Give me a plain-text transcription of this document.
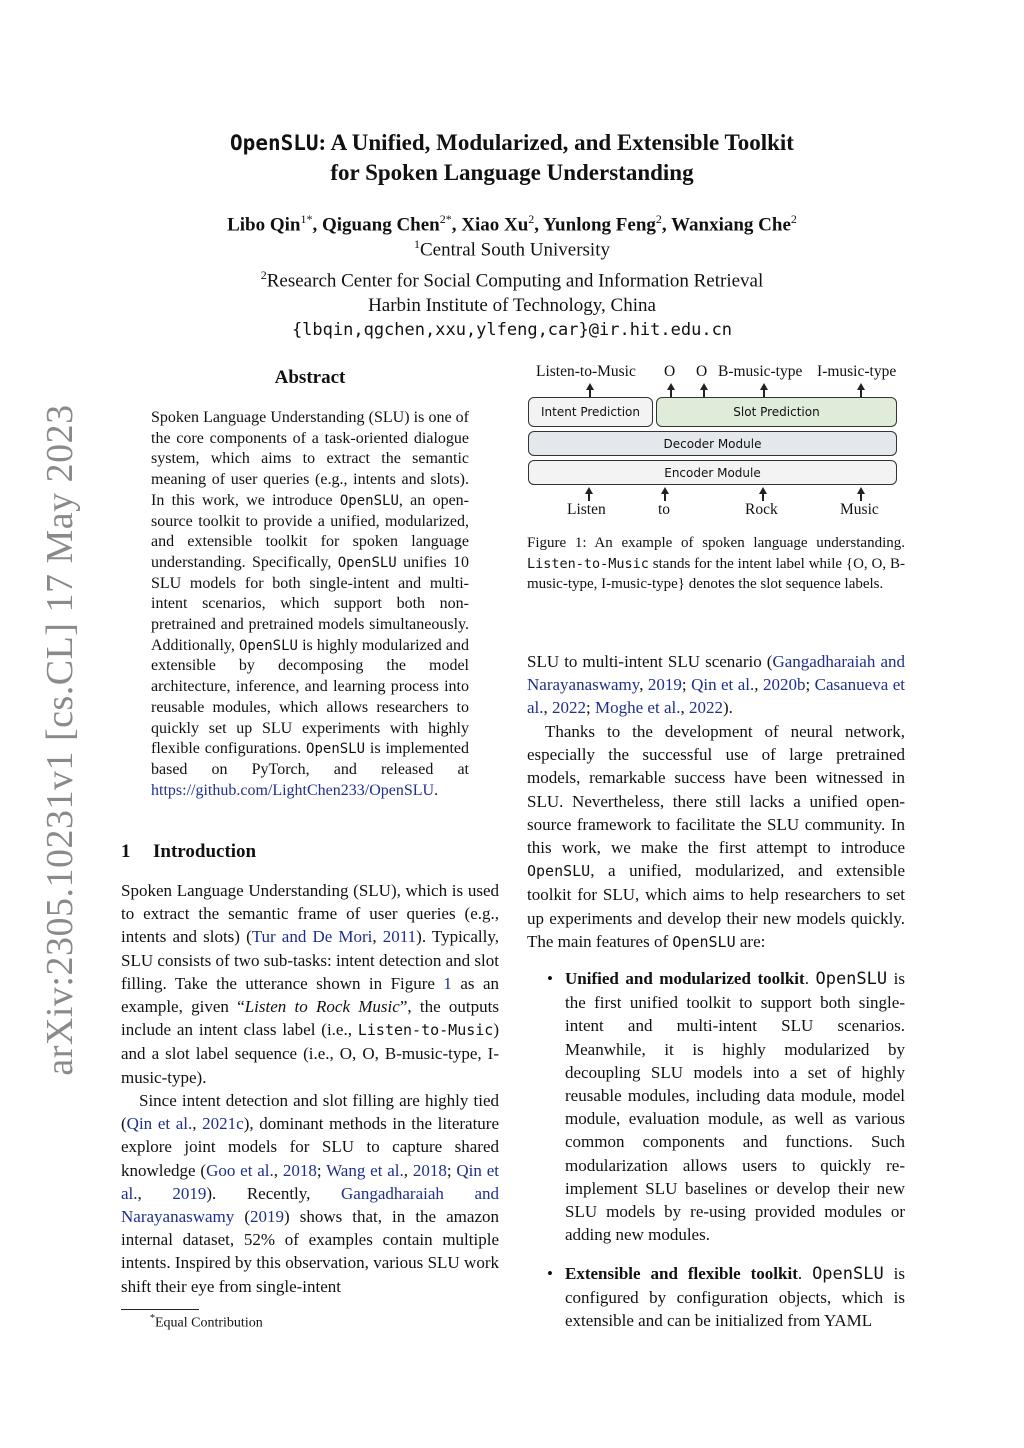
arXiv:2305.10231v1 [cs.CL] 17 May 2023
OpenSLU: A Unified, Modularized, and Extensible Toolkit
for Spoken Language Understanding
Libo Qin$^{1*}$, Qiguang Chen$^{2*}$, Xiao Xu$^2$, Yunlong Feng$^2$, Wanxiang Che$^2$
$^1$Central South University
$^2$Research Center for Social Computing and Information Retrieval
Harbin Institute of Technology, China
{lbqin,qgchen,xxu,ylfeng,car}@ir.hit.edu.cn
Abstract
Spoken Language Understanding (SLU) is one of the core components of a task-oriented dialogue system, which aims to extract the semantic meaning of user queries (e.g., intents and slots). In this work, we introduce OpenSLU, an open-source toolkit to provide a unified, modularized, and extensible toolkit for spoken language understanding. Specifically, OpenSLU unifies 10 SLU models for both single-intent and multi-intent scenarios, which support both non-pretrained and pretrained models simultaneously. Additionally, OpenSLU is highly modularized and extensible by decomposing the model architecture, inference, and learning process into reusable modules, which allows researchers to quickly set up SLU experiments with highly flexible configurations. OpenSLU is implemented based on PyTorch, and released at https://github.com/LightChen233/OpenSLU.
1 Introduction
Spoken Language Understanding (SLU), which is used to extract the semantic frame of user queries (e.g., intents and slots) (Tur and De Mori, 2011). Typically, SLU consists of two sub-tasks: intent detection and slot filling. Take the utterance shown in Figure 1 as an example, given “Listen to Rock Music”, the outputs include an intent class label (i.e., Listen-to-Music) and a slot label sequence (i.e., O, O, B-music-type, I-music-type).
Since intent detection and slot filling are highly tied (Qin et al., 2021c), dominant methods in the literature explore joint models for SLU to capture shared knowledge (Goo et al., 2018; Wang et al., 2018; Qin et al., 2019). Recently, Gangadharaiah and Narayanaswamy (2019) shows that, in the amazon internal dataset, 52% of examples contain multiple intents. Inspired by this observation, various SLU work shift their eye from single-intent
*Equal Contribution
Listen-to-Music O O B-music-type I-music-type
Intent Prediction	Slot Prediction
Decoder Module
Encoder Module
Listen	to	Rock	Music
Figure 1: An example of spoken language understanding. Listen-to-Music stands for the intent label while {O, O, B-music-type, I-music-type} denotes the slot sequence labels.
SLU to multi-intent SLU scenario (Gangadharaiah and Narayanaswamy, 2019; Qin et al., 2020b; Casanueva et al., 2022; Moghe et al., 2022).
Thanks to the development of neural network, especially the successful use of large pretrained models, remarkable success have been witnessed in SLU. Nevertheless, there still lacks a unified open-source framework to facilitate the SLU community. In this work, we make the first attempt to introduce OpenSLU, a unified, modularized, and extensible toolkit for SLU, which aims to help researchers to set up experiments and develop their new models quickly. The main features of OpenSLU are:
• Unified and modularized toolkit. OpenSLU is the first unified toolkit to support both single-intent and multi-intent SLU scenarios. Meanwhile, it is highly modularized by decoupling SLU models into a set of highly reusable modules, including data module, model module, evaluation module, as well as various common components and functions. Such modularization allows users to quickly re-implement SLU baselines or develop their new SLU models by re-using provided modules or adding new modules.
• Extensible and flexible toolkit. OpenSLU is configured by configuration objects, which is extensible and can be initialized from YAML
